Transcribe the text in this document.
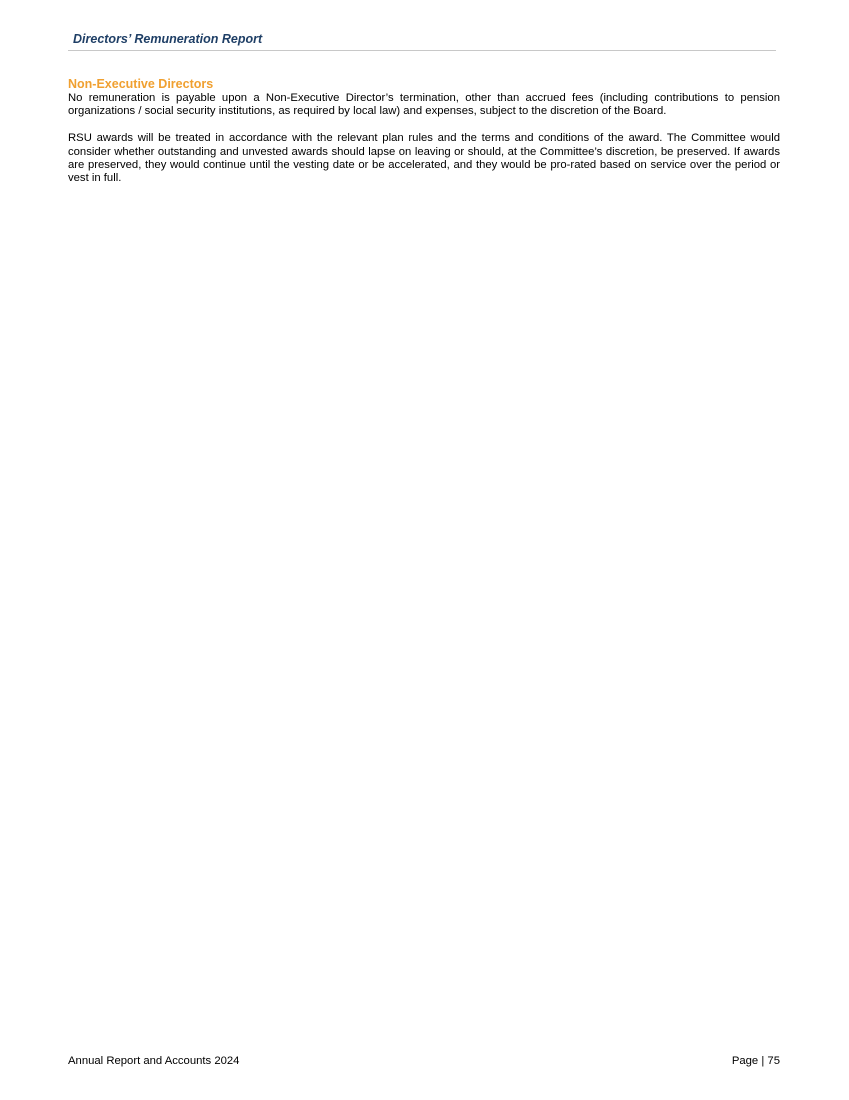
Directors’ Remuneration Report
Non-Executive Directors

No remuneration is payable upon a Non-Executive Director’s termination, other than accrued fees (including contributions to pension organizations / social security institutions, as required by local law) and expenses, subject to the discretion of the Board.

RSU awards will be treated in accordance with the relevant plan rules and the terms and conditions of the award. The Committee would consider whether outstanding and unvested awards should lapse on leaving or should, at the Committee’s discretion, be preserved. If awards are preserved, they would continue until the vesting date or be accelerated, and they would be pro-rated based on service over the period or vest in full.

Annual Report and Accounts 2024	Page | 75
